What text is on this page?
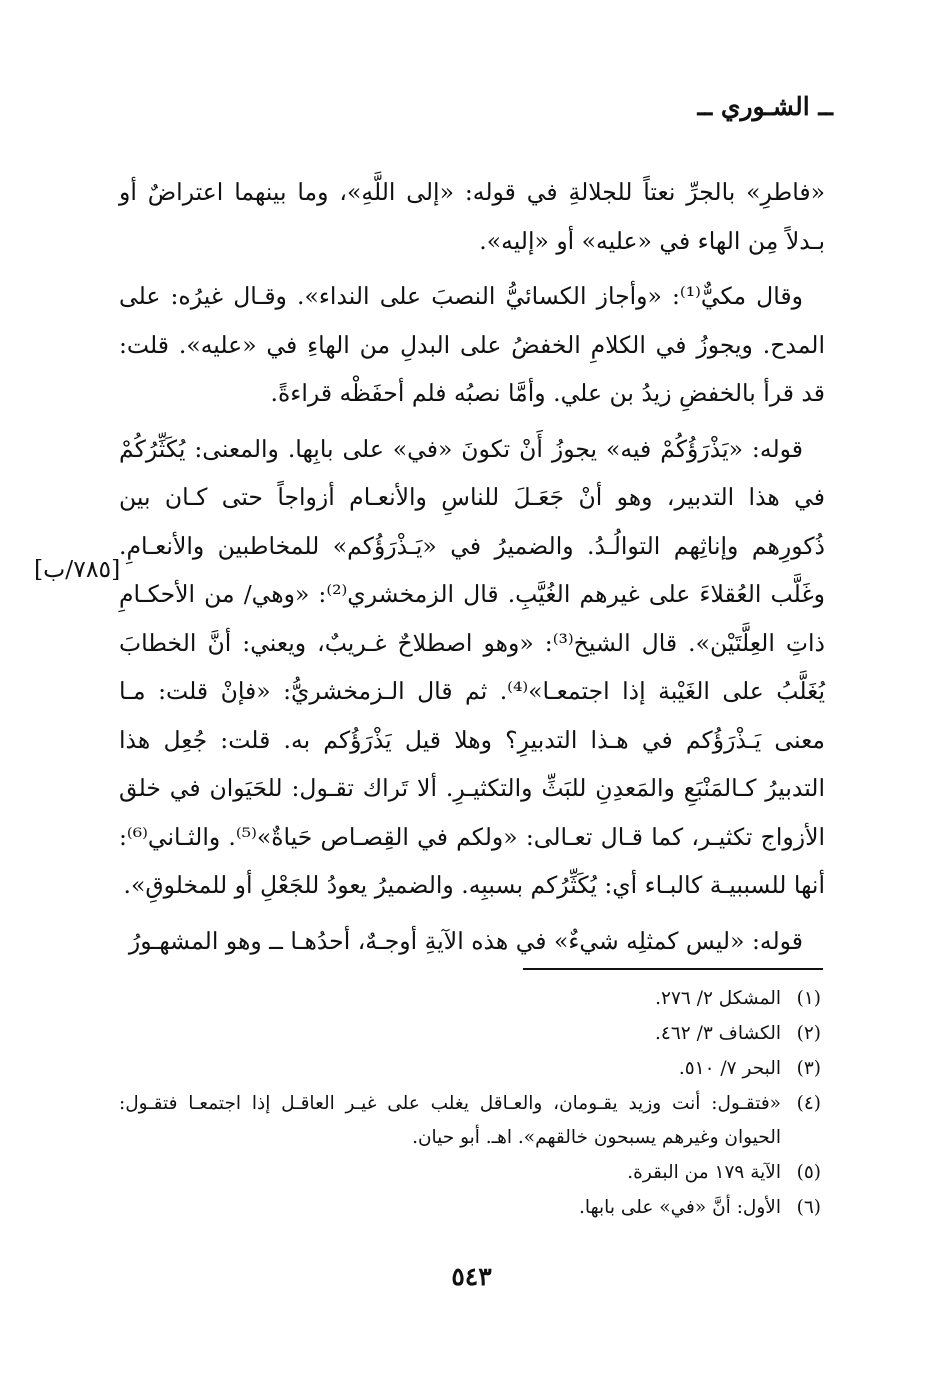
ــ الشـوري ــ

«فاطرِ» بالجرِّ نعتاً للجلالةِ في قوله: «إلى اللَّهِ»، وما بينهما اعتراضٌ أو بـدلاً مِن الهاء في «عليه» أو «إليه».

وقال مكيٌّ⁽¹⁾: «وأجاز الكسائيُّ النصبَ على النداء». وقـال غيرُه: على المدح. ويجوزُ في الكلامِ الخفضُ على البدلِ من الهاءِ في «عليه». قلت: قد قرأ بالخفضِ زيدُ بن علي. وأمَّا نصبُه فلم أحفَظْه قراءةً.

قوله: «يَذْرَؤُكُمْ فيه» يجوزُ أَنْ تكونَ «في» على بابِها. والمعنى: يُكَثِّرُكُمْ في هذا التدبير، وهو أنْ جَعَـلَ للناسِ والأنعـام أزواجاً حتى كـان بين ذُكورِهم وإناثِهم التوالُـدُ. والضميرُ في «يَـذْرَؤُكم» للمخاطبين والأنعـامِ. وغَلَّب العُقلاءَ على غيرهم الغُيَّبِ. قال الزمخشري⁽²⁾: «وهي/ من الأحكـامِ ذاتِ العِلَّتَيْن». قال الشيخ⁽³⁾: «وهو اصطلاحٌ غـريبٌ، ويعني: أنَّ الخطابَ يُغَلَّبُ على الغَيْبة إذا اجتمعـا»⁽⁴⁾. ثم قال الـزمخشريُّ: «فإنْ قلت: مـا معنى يَـذْرَؤُكم في هـذا التدبيرِ؟ وهلا قيل يَذْرَؤُكم به. قلت: جُعِل هذا التدبيرُ كـالمَنْبَعِ والمَعدِنِ للبَثِّ والتكثيـرِ. ألا تَراك تقـول: للحَيَوان في خلق الأزواج تكثيـر، كما قـال تعـالى: «ولكم في القِصـاص حَياةٌ»⁽⁵⁾. والثـاني⁽⁶⁾: أنها للسببيـة كالبـاء أي: يُكَثِّرُكم بسببِه. والضميرُ يعودُ للجَعْلِ أو للمخلوقِ».

قوله: «ليس كمثلِه شيءٌ» في هذه الآيةِ أوجـهٌ، أحدُهـا ــ وهو المشهـورُ

[٧٨٥/ب]
(١)
المشكل ٢/ ٢٧٦.
(٢)
الكشاف ٣/ ٤٦٢.
(٣)
البحر ٧/ ٥١٠.
(٤)
«فتقـول: أنت وزيد يقـومان، والعـاقل يغلب على غيـر العاقـل إذا اجتمعـا فتقـول: الحيوان وغيرهم يسبحون خالقهم». اهـ. أبو حيان.
(٥)
الآية ١٧٩ من البقرة.
(٦)
الأول: أنَّ «في» على بابها.
٥٤٣
